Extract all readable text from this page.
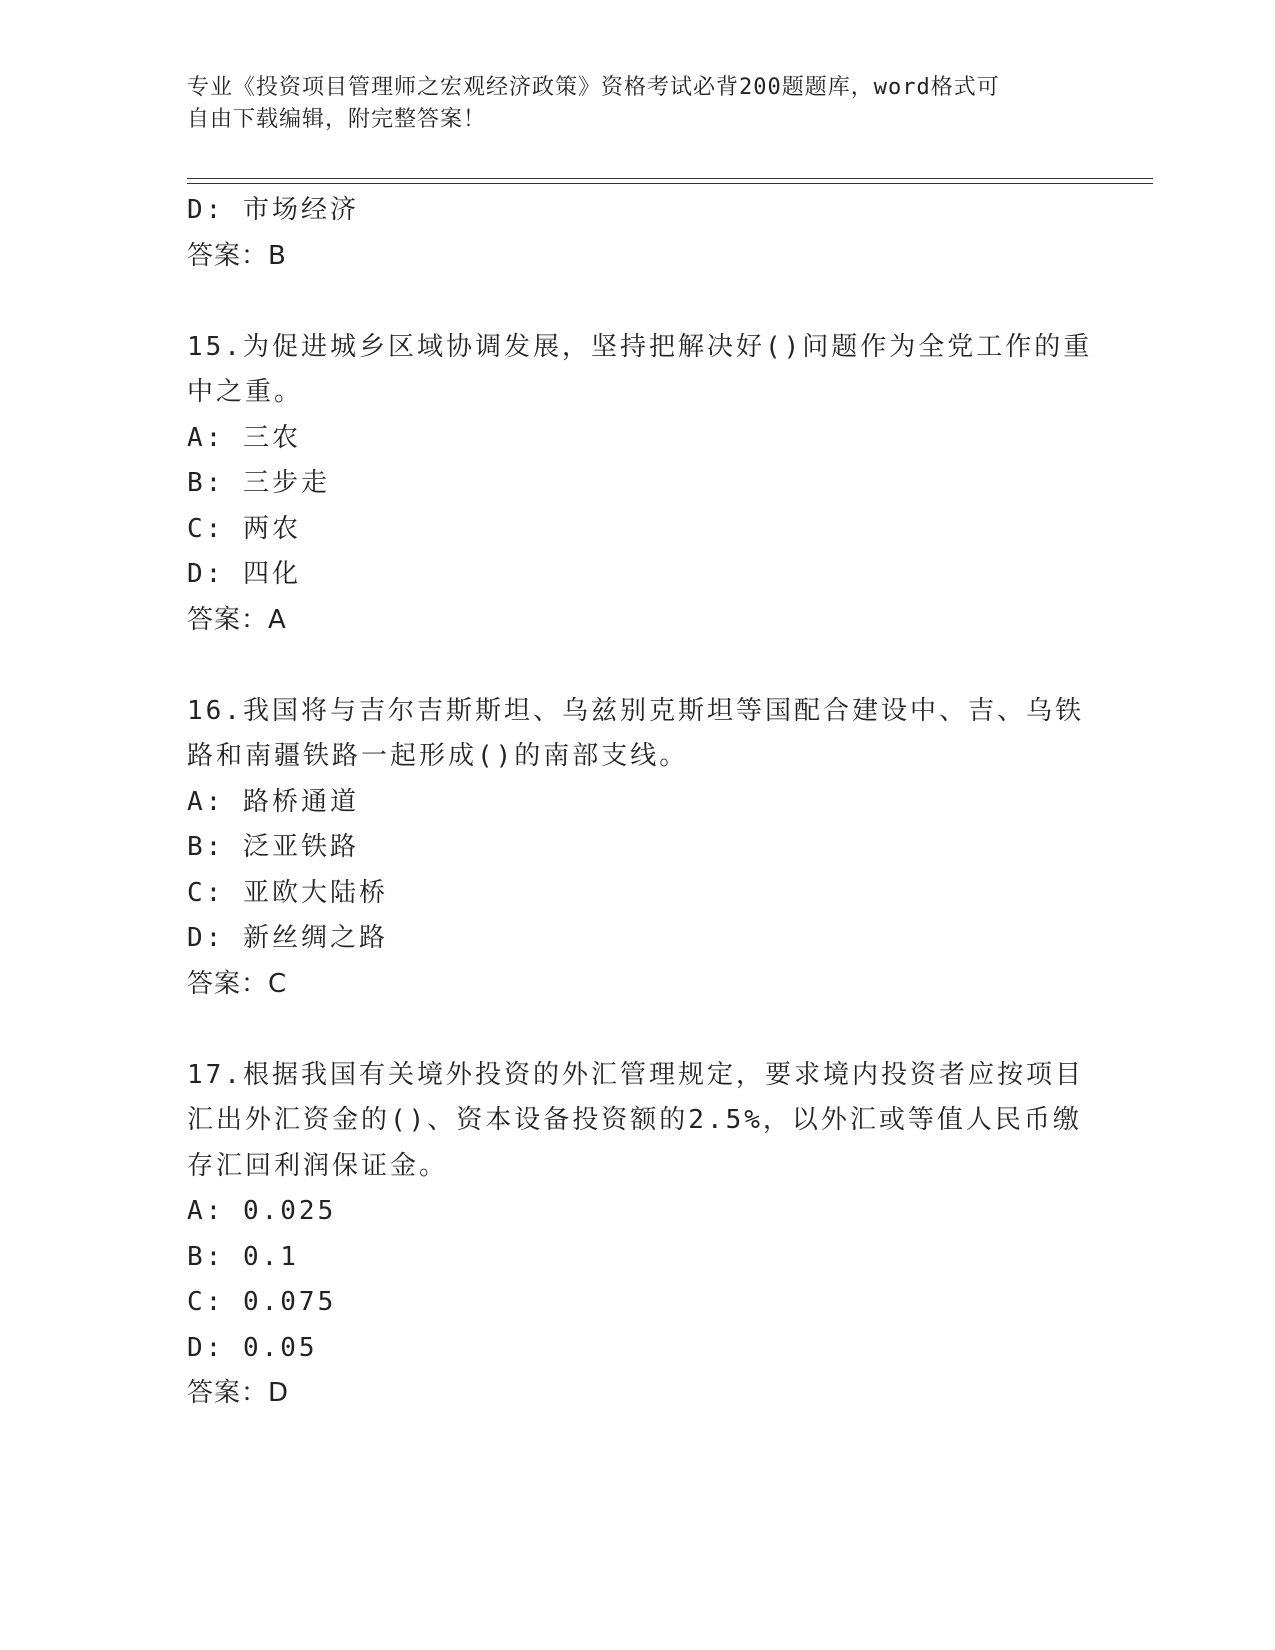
专业《投资项目管理师之宏观经济政策》资格考试必背200题题库，word格式可
自由下载编辑，附完整答案！
D: 市场经济
答案：B
15.为促进城乡区域协调发展，坚持把解决好()问题作为全党工作的重
中之重。
A: 三农
B: 三步走
C: 两农
D: 四化
答案：A
16.我国将与吉尔吉斯斯坦、乌兹别克斯坦等国配合建设中、吉、乌铁
路和南疆铁路一起形成()的南部支线。
A: 路桥通道
B: 泛亚铁路
C: 亚欧大陆桥
D: 新丝绸之路
答案：C
17.根据我国有关境外投资的外汇管理规定，要求境内投资者应按项目
汇出外汇资金的()、资本设备投资额的2.5%，以外汇或等值人民币缴
存汇回利润保证金。
A: 0.025
B: 0.1
C: 0.075
D: 0.05
答案：D
